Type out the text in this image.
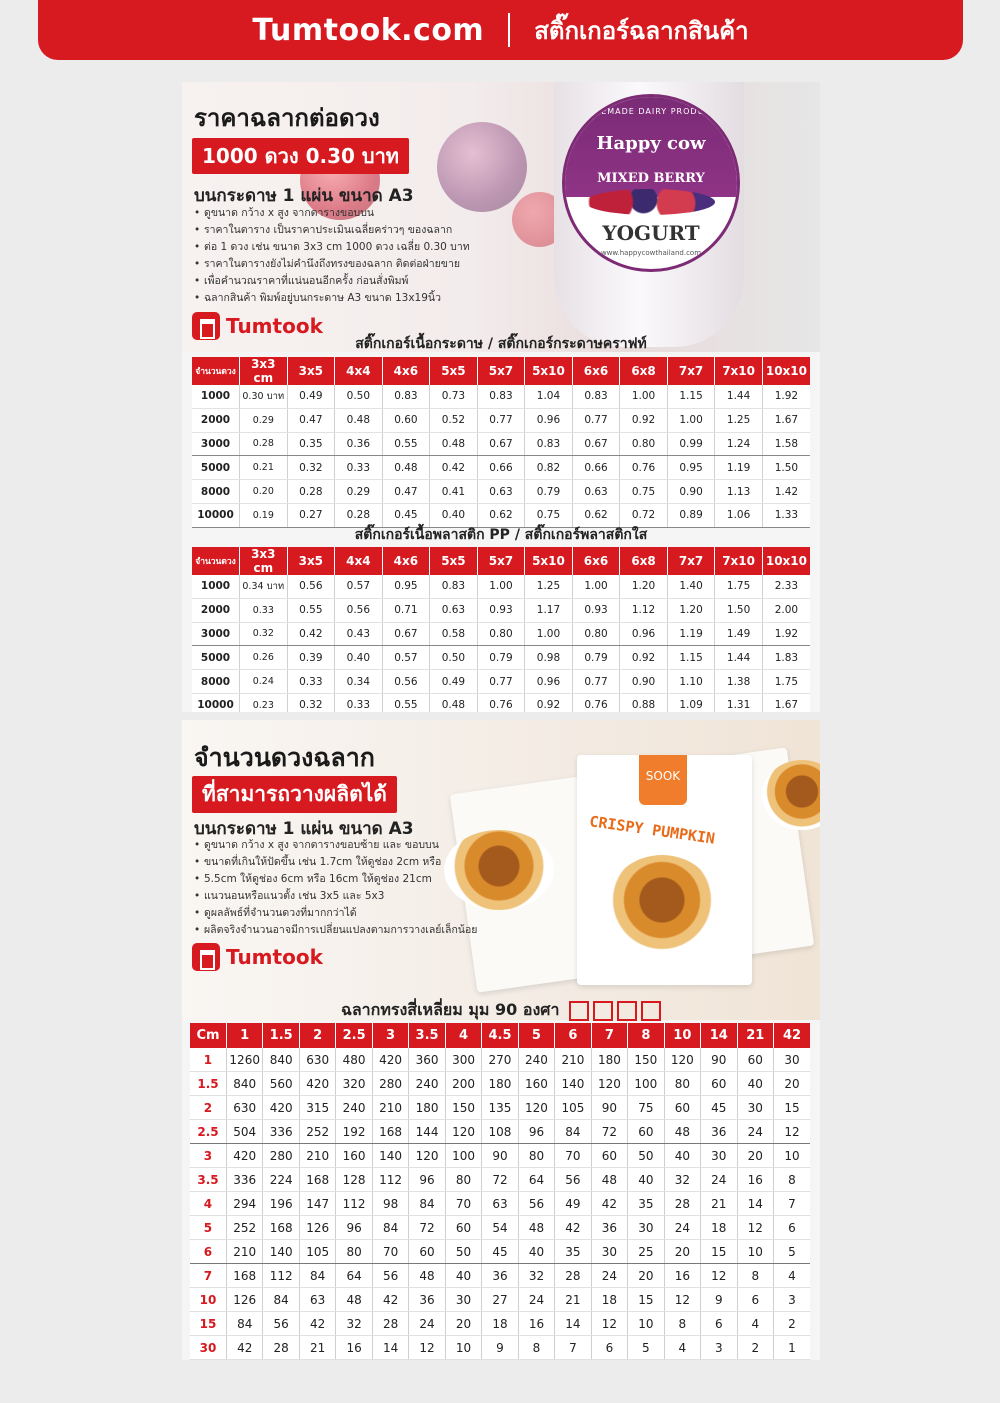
Tumtook.com สติ๊กเกอร์ฉลากสินค้า
HOMEMADE DAIRY PRODUCTS
Happy cow
MIXED BERRY
YOGURT
www.happycowthailand.com
ราคาฉลากต่อดวง
1000 ดวง 0.30 บาท
บนกระดาษ 1 แผ่น ขนาด A3
• ดูขนาด กว้าง x สูง จากตารางขอบบน
• ราคาในตาราง เป็นราคาประเมินเฉลี่ยคร่าวๆ ของฉลาก
• ต่อ 1 ดวง เช่น ขนาด 3x3 cm 1000 ดวง เฉลี่ย 0.30 บาท
• ราคาในตารางยังไม่คำนึงถึงทรงของฉลาก ติดต่อฝ่ายขาย
• เพื่อคำนวณราคาที่แน่นอนอีกครั้ง ก่อนสั่งพิมพ์
• ฉลากสินค้า พิมพ์อยู่บนกระดาษ A3 ขนาด 13x19นิ้ว
Tumtook
สติ๊กเกอร์เนื้อกระดาษ / สติ๊กเกอร์กระดาษคราฟท์
จำนวนดวง	3x3 cm	3x5	4x4	4x6	5x5	5x7	5x10	6x6	6x8	7x7	7x10	10x10
1000	0.30 บาท	0.49	0.50	0.83	0.73	0.83	1.04	0.83	1.00	1.15	1.44	1.92
2000	0.29	0.47	0.48	0.60	0.52	0.77	0.96	0.77	0.92	1.00	1.25	1.67
3000	0.28	0.35	0.36	0.55	0.48	0.67	0.83	0.67	0.80	0.99	1.24	1.58
5000	0.21	0.32	0.33	0.48	0.42	0.66	0.82	0.66	0.76	0.95	1.19	1.50
8000	0.20	0.28	0.29	0.47	0.41	0.63	0.79	0.63	0.75	0.90	1.13	1.42
10000	0.19	0.27	0.28	0.45	0.40	0.62	0.75	0.62	0.72	0.89	1.06	1.33
สติ๊กเกอร์เนื้อพลาสติก PP / สติ๊กเกอร์พลาสติกใส
จำนวนดวง	3x3 cm	3x5	4x4	4x6	5x5	5x7	5x10	6x6	6x8	7x7	7x10	10x10
1000	0.34 บาท	0.56	0.57	0.95	0.83	1.00	1.25	1.00	1.20	1.40	1.75	2.33
2000	0.33	0.55	0.56	0.71	0.63	0.93	1.17	0.93	1.12	1.20	1.50	2.00
3000	0.32	0.42	0.43	0.67	0.58	0.80	1.00	0.80	0.96	1.19	1.49	1.92
5000	0.26	0.39	0.40	0.57	0.50	0.79	0.98	0.79	0.92	1.15	1.44	1.83
8000	0.24	0.33	0.34	0.56	0.49	0.77	0.96	0.77	0.90	1.10	1.38	1.75
10000	0.23	0.32	0.33	0.55	0.48	0.76	0.92	0.76	0.88	1.09	1.31	1.67
SOOK
CRISPY PUMPKIN
จำนวนดวงฉลาก
ที่สามารถวางผลิตได้
บนกระดาษ 1 แผ่น ขนาด A3
• ดูขนาด กว้าง x สูง จากตารางขอบซ้าย และ ขอบบน
• ขนาดที่เกินให้ปัดขึ้น เช่น 1.7cm ให้ดูช่อง 2cm หรือ
• 5.5cm ให้ดูช่อง 6cm หรือ 16cm ให้ดูช่อง 21cm
• แนวนอนหรือแนวตั้ง เช่น 3x5 และ 5x3
• ดูผลลัพธ์ที่จำนวนดวงที่มากกว่าได้
• ผลิตจริงจำนวนอาจมีการเปลี่ยนแปลงตามการวางเลย์เล็กน้อย
Tumtook
ฉลากทรงสี่เหลี่ยม มุม 90 องศา
Cm	1	1.5	2	2.5	3	3.5	4	4.5	5	6	7	8	10	14	21	42
1	1260	840	630	480	420	360	300	270	240	210	180	150	120	90	60	30
1.5	840	560	420	320	280	240	200	180	160	140	120	100	80	60	40	20
2	630	420	315	240	210	180	150	135	120	105	90	75	60	45	30	15
2.5	504	336	252	192	168	144	120	108	96	84	72	60	48	36	24	12
3	420	280	210	160	140	120	100	90	80	70	60	50	40	30	20	10
3.5	336	224	168	128	112	96	80	72	64	56	48	40	32	24	16	8
4	294	196	147	112	98	84	70	63	56	49	42	35	28	21	14	7
5	252	168	126	96	84	72	60	54	48	42	36	30	24	18	12	6
6	210	140	105	80	70	60	50	45	40	35	30	25	20	15	10	5
7	168	112	84	64	56	48	40	36	32	28	24	20	16	12	8	4
10	126	84	63	48	42	36	30	27	24	21	18	15	12	9	6	3
15	84	56	42	32	28	24	20	18	16	14	12	10	8	6	4	2
30	42	28	21	16	14	12	10	9	8	7	6	5	4	3	2	1
